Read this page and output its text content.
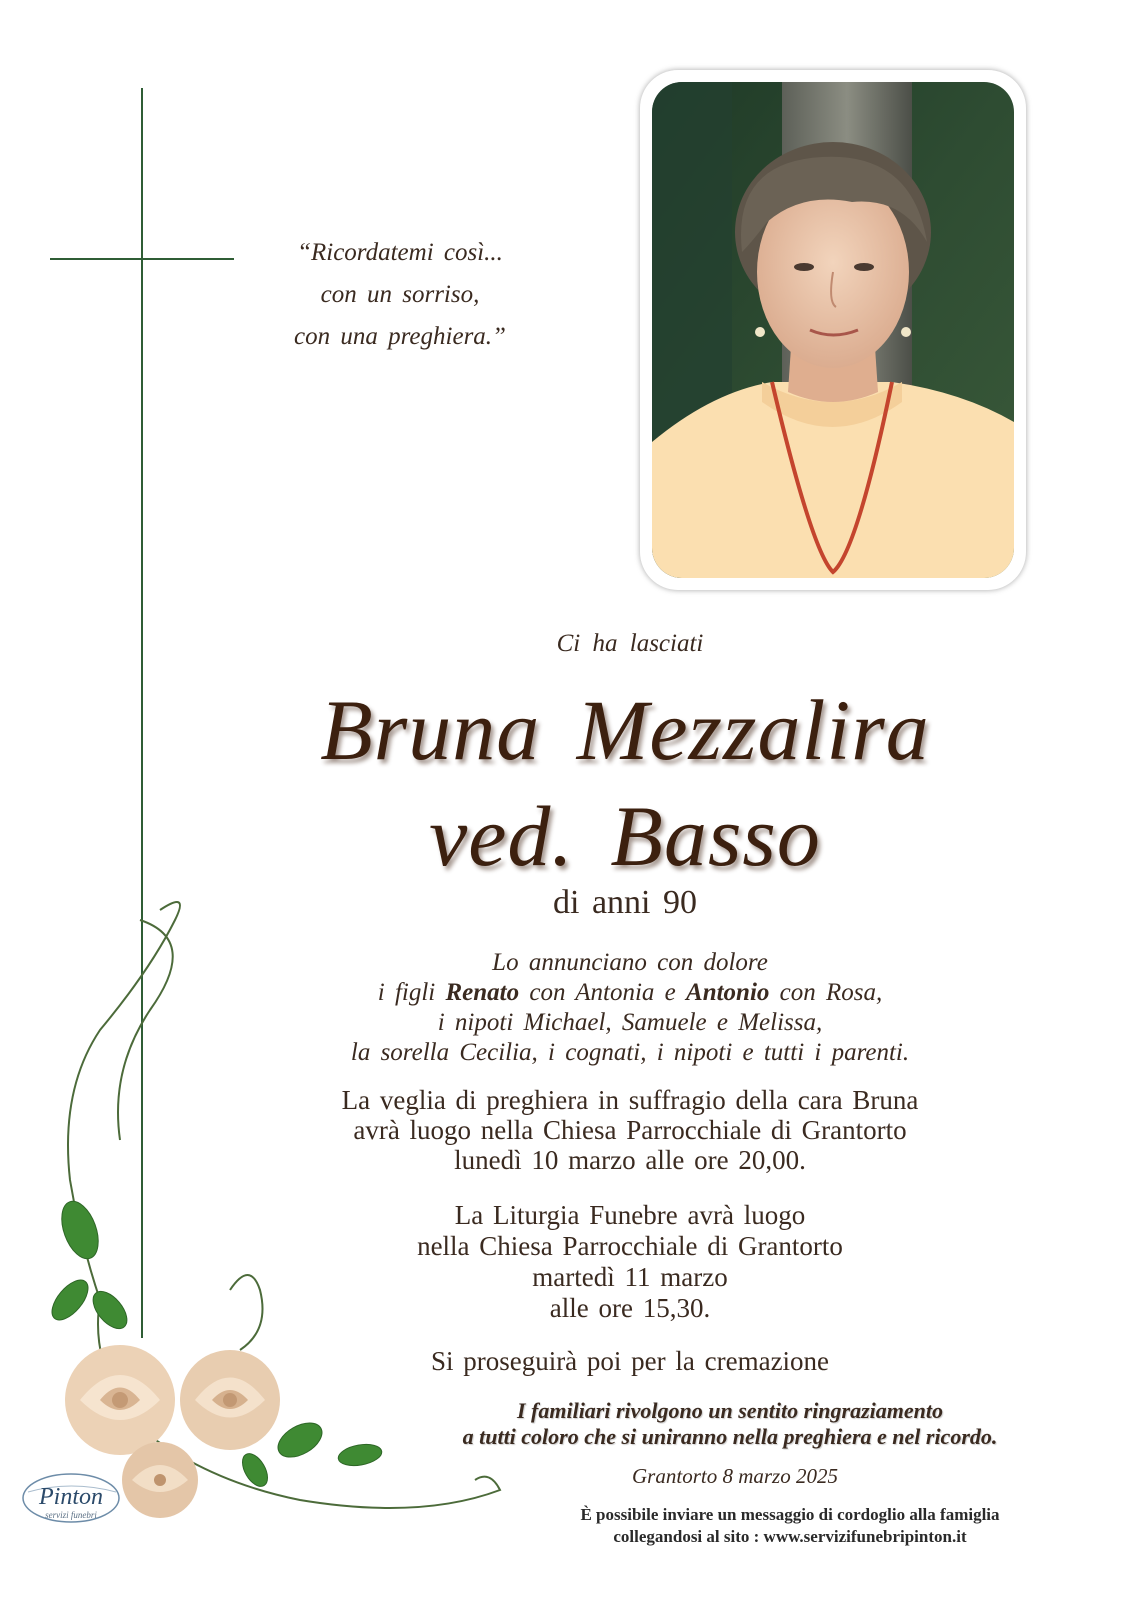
“Ricordatemi così...
con un sorriso,
con una preghiera.”
Ci ha lasciati
Bruna Mezzalira
ved. Basso
di anni 90
Lo annunciano con dolore
i figli Renato con Antonia e Antonio con Rosa,
i nipoti Michael, Samuele e Melissa,
la sorella Cecilia, i cognati, i nipoti e tutti i parenti.
La veglia di preghiera in suffragio della cara Bruna
avrà luogo nella Chiesa Parrocchiale di Grantorto
lunedì 10 marzo alle ore 20,00.
La Liturgia Funebre avrà luogo
nella Chiesa Parrocchiale di Grantorto
martedì 11 marzo
alle ore 15,30.
Si proseguirà poi per la cremazione
I familiari rivolgono un sentito ringraziamento
a tutti coloro che si uniranno nella preghiera e nel ricordo.
Grantorto 8 marzo 2025
È possibile inviare un messaggio di cordoglio alla famiglia
collegandosi al sito : www.servizifunebripinton.it
Pinton
servizi funebri
